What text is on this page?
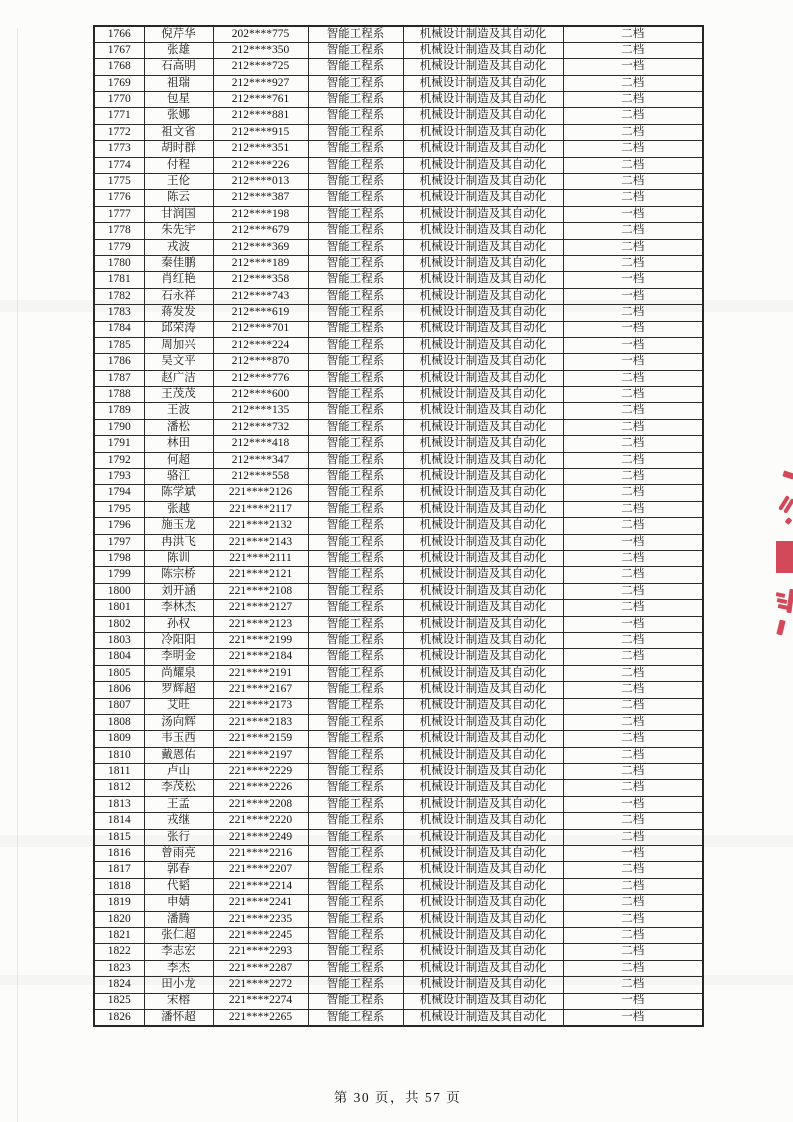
1766	倪芹华	202****775	智能工程系	机械设计制造及其自动化	二档
1767	张雄	212****350	智能工程系	机械设计制造及其自动化	二档
1768	石高明	212****725	智能工程系	机械设计制造及其自动化	一档
1769	祖瑞	212****927	智能工程系	机械设计制造及其自动化	二档
1770	包星	212****761	智能工程系	机械设计制造及其自动化	二档
1771	张娜	212****881	智能工程系	机械设计制造及其自动化	二档
1772	祖文省	212****915	智能工程系	机械设计制造及其自动化	二档
1773	胡时群	212****351	智能工程系	机械设计制造及其自动化	二档
1774	付程	212****226	智能工程系	机械设计制造及其自动化	二档
1775	王伦	212****013	智能工程系	机械设计制造及其自动化	二档
1776	陈云	212****387	智能工程系	机械设计制造及其自动化	二档
1777	甘润国	212****198	智能工程系	机械设计制造及其自动化	一档
1778	朱先宇	212****679	智能工程系	机械设计制造及其自动化	二档
1779	戎波	212****369	智能工程系	机械设计制造及其自动化	二档
1780	秦佳鹏	212****189	智能工程系	机械设计制造及其自动化	二档
1781	肖红艳	212****358	智能工程系	机械设计制造及其自动化	一档
1782	石永祥	212****743	智能工程系	机械设计制造及其自动化	一档
1783	蒋发发	212****619	智能工程系	机械设计制造及其自动化	二档
1784	邱荣涛	212****701	智能工程系	机械设计制造及其自动化	一档
1785	周加兴	212****224	智能工程系	机械设计制造及其自动化	一档
1786	吴文平	212****870	智能工程系	机械设计制造及其自动化	一档
1787	赵广洁	212****776	智能工程系	机械设计制造及其自动化	二档
1788	王茂茂	212****600	智能工程系	机械设计制造及其自动化	二档
1789	王波	212****135	智能工程系	机械设计制造及其自动化	二档
1790	潘松	212****732	智能工程系	机械设计制造及其自动化	二档
1791	林田	212****418	智能工程系	机械设计制造及其自动化	二档
1792	何超	212****347	智能工程系	机械设计制造及其自动化	二档
1793	骆江	212****558	智能工程系	机械设计制造及其自动化	二档
1794	陈学斌	221****2126	智能工程系	机械设计制造及其自动化	二档
1795	张越	221****2117	智能工程系	机械设计制造及其自动化	二档
1796	施玉龙	221****2132	智能工程系	机械设计制造及其自动化	二档
1797	冉洪飞	221****2143	智能工程系	机械设计制造及其自动化	一档
1798	陈训	221****2111	智能工程系	机械设计制造及其自动化	二档
1799	陈宗桥	221****2121	智能工程系	机械设计制造及其自动化	二档
1800	刘开涵	221****2108	智能工程系	机械设计制造及其自动化	二档
1801	李林杰	221****2127	智能工程系	机械设计制造及其自动化	二档
1802	孙权	221****2123	智能工程系	机械设计制造及其自动化	一档
1803	冷阳阳	221****2199	智能工程系	机械设计制造及其自动化	二档
1804	李明金	221****2184	智能工程系	机械设计制造及其自动化	二档
1805	尚耀泉	221****2191	智能工程系	机械设计制造及其自动化	二档
1806	罗辉超	221****2167	智能工程系	机械设计制造及其自动化	二档
1807	艾旺	221****2173	智能工程系	机械设计制造及其自动化	二档
1808	汤向辉	221****2183	智能工程系	机械设计制造及其自动化	二档
1809	韦玉西	221****2159	智能工程系	机械设计制造及其自动化	二档
1810	戴恩佑	221****2197	智能工程系	机械设计制造及其自动化	二档
1811	卢山	221****2229	智能工程系	机械设计制造及其自动化	二档
1812	李茂松	221****2226	智能工程系	机械设计制造及其自动化	二档
1813	王孟	221****2208	智能工程系	机械设计制造及其自动化	一档
1814	戎继	221****2220	智能工程系	机械设计制造及其自动化	二档
1815	张行	221****2249	智能工程系	机械设计制造及其自动化	二档
1816	曾雨亮	221****2216	智能工程系	机械设计制造及其自动化	一档
1817	郭春	221****2207	智能工程系	机械设计制造及其自动化	二档
1818	代韬	221****2214	智能工程系	机械设计制造及其自动化	二档
1819	申婧	221****2241	智能工程系	机械设计制造及其自动化	二档
1820	潘腾	221****2235	智能工程系	机械设计制造及其自动化	二档
1821	张仁超	221****2245	智能工程系	机械设计制造及其自动化	二档
1822	李志宏	221****2293	智能工程系	机械设计制造及其自动化	二档
1823	李杰	221****2287	智能工程系	机械设计制造及其自动化	二档
1824	田小龙	221****2272	智能工程系	机械设计制造及其自动化	二档
1825	宋榕	221****2274	智能工程系	机械设计制造及其自动化	一档
1826	潘怀超	221****2265	智能工程系	机械设计制造及其自动化	一档
第 30 页，共 57 页
